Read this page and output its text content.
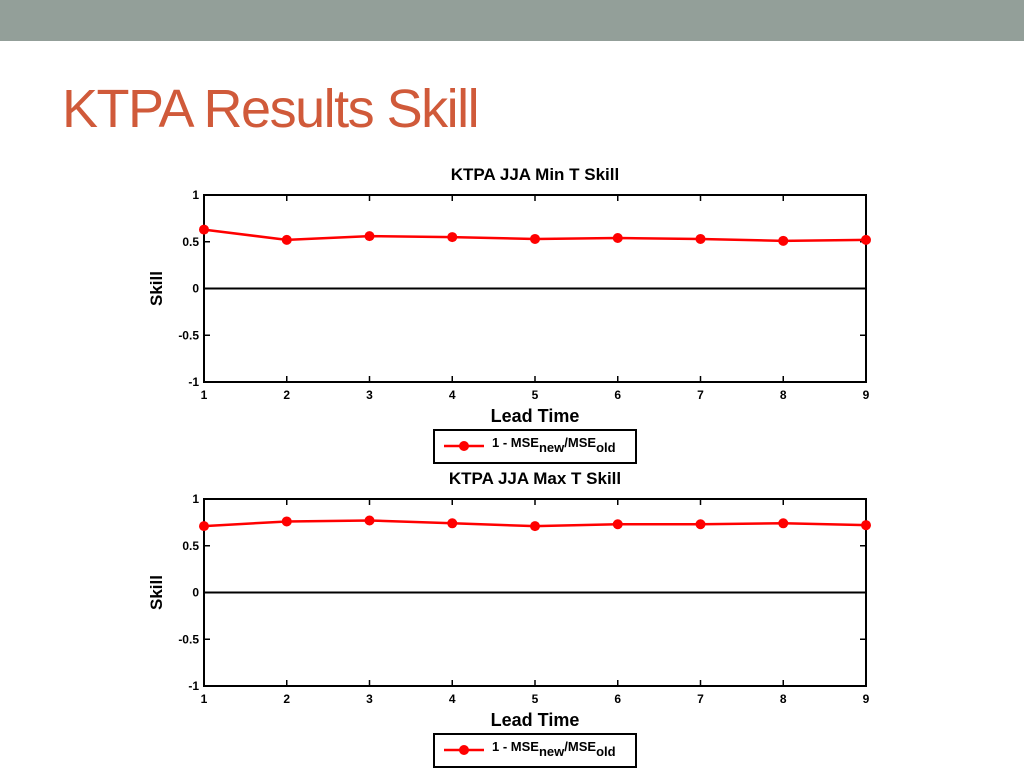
KTPA Results Skill
KTPA JJA Min T Skill
-1
-0.5
0
0.5
1
1	2	3	4	5	6	7	8	9
Lead Time
Skill
1 - MSEnew/MSEold
KTPA JJA Max T Skill
-1
-0.5
0
0.5
1
1	2	3	4	5	6	7	8	9
Lead Time
Skill
1 - MSEnew/MSEold
